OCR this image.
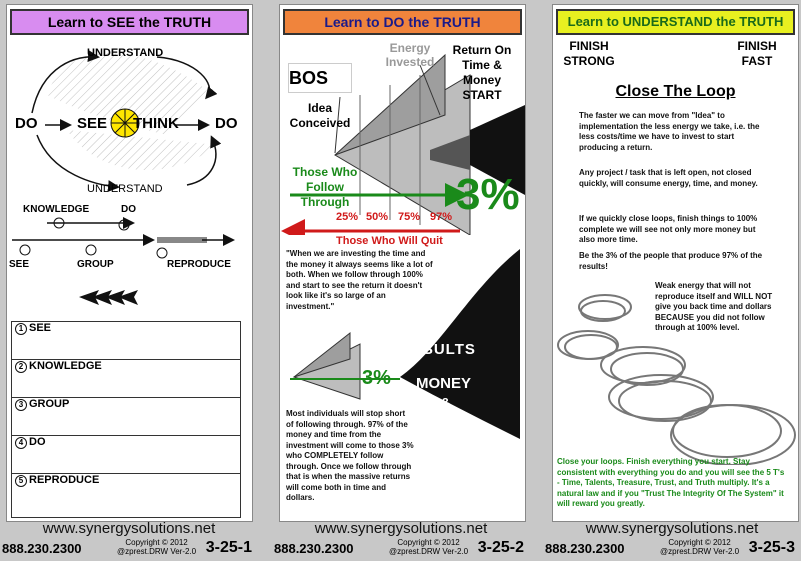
Learn to SEE the TRUTH
UNDERSTAND
DO	SEE THINK DO
UNDERSTAND
KNOWLEDGE	DO
SEE	GROUP	REPRODUCE
1 SEE
2 KNOWLEDGE
3 GROUP
4 DO
5 REPRODUCE
Learn to DO the TRUTH
BOS
Energy Invested
Return On Time & Money START
Idea Conceived
Those Who Follow Through	3%
25% 50% 75% 97%
Those Who Will Quit
"When we are investing the time and the money it always seems like a lot of both. When we follow through 100% and start to see the return it doesn't look like it's so large of an investment."
RESULTS
MONEY
&
TIME
3%
Most individuals will stop short of following through. 97% of the money and time from the investment will come to those 3% who COMPLETELY follow through. Once we follow through that is when the massive returns will come both in time and dollars.
Learn to UNDERSTAND the TRUTH
FINISH STRONG
FINISH FAST
Close The Loop
The faster we can move from "Idea" to implementation the less energy we take, i.e. the less costs/time we have to invest to start producing a return.
Any project / task that is left open, not closed quickly, will consume energy, time, and money.
If we quickly close loops, finish things to 100% complete we will see not only more money but also more time.
Be the 3% of the people that produce 97% of the results!
Weak energy that will not reproduce itself and WILL NOT give you back time and dollars BECAUSE you did not follow through at 100% level.
Close your loops. Finish everything you start. Stay consistent with everything you do and you will see the 5 T's - Time, Talents, Treasure, Trust, and Truth multiply. It's a natural law and if you "Trust The Integrity Of The System" it will reward you greatly.
www.synergysolutions.net
888.230.2300	Copyright © 2012
@zprest.DRW Ver-2.0 3-25-1
www.synergysolutions.net
888.230.2300	Copyright © 2012
@zprest.DRW Ver-2.0 3-25-2
www.synergysolutions.net
888.230.2300	Copyright © 2012
@zprest.DRW Ver-2.0 3-25-3
